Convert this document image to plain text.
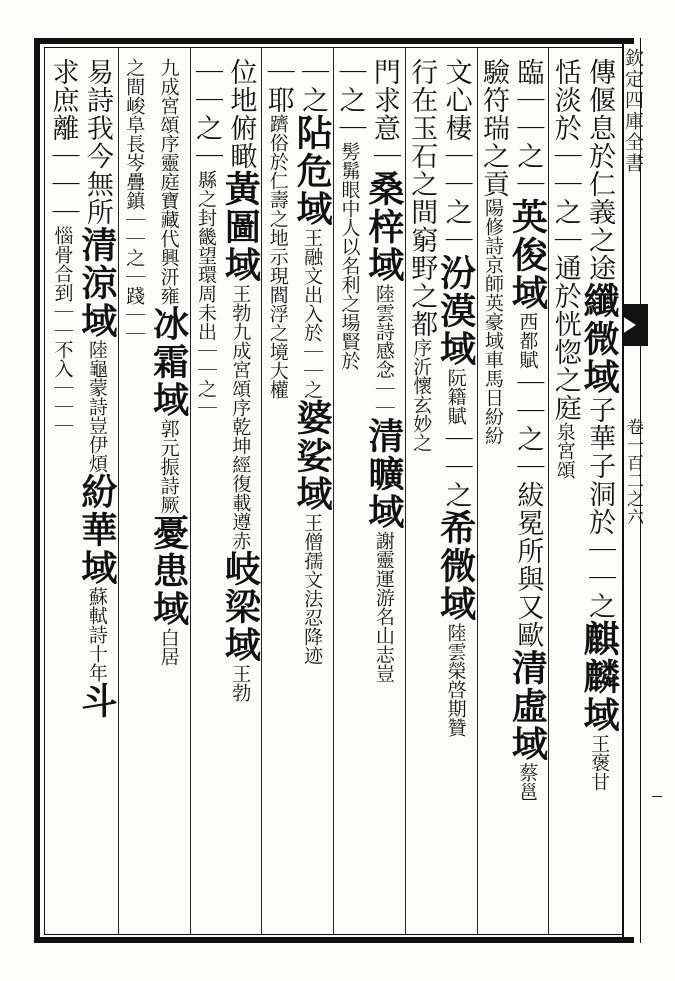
欽定四庫全書
卷一百二之六
傳偃息於仁義之途纖微域子華子洞於｜｜之麒麟域王褒甘
恬淡於｜｜之｜通於恍惚之庭泉宮頌
臨｜｜之｜英俊域西都賦｜｜之｜紱冕所與又歐清虛域蔡邕
驗符瑞之貢陽修詩京師英豪域車馬日紛紛
文心棲｜｜之｜汾漠域阮籍賦｜｜之希微域陸雲榮啓期贊
行在玉石之間窮野之都序沂懷玄妙之
門求意｜桑梓域陸雲詩感念｜｜清曠域謝靈運游名山志豈
｜之｜髣髴眼中人以名利之場賢於
｜之阽危域王融文出入於｜｜之婆娑域王僧孺文法忍降迹
｜耶躋俗於仁壽之地示現閻浮之境大權
位地俯瞰黃圖域王勃九成宮頌序乾坤經復載遵赤岐梁域王勃
｜｜之｜縣之封畿望環周未出｜｜之｜
九成宮頌序靈庭寶藏代興汧雍冰霜域郭元振詩厥憂患域白居
之間峻阜長岑疊鎮｜｜之｜踐｜｜
易詩我今無所清涼域陸龜蒙詩豈伊煩紛華域蘇軾詩十年斗
求庶離｜｜｜惱骨合到｜｜不入｜｜｜
